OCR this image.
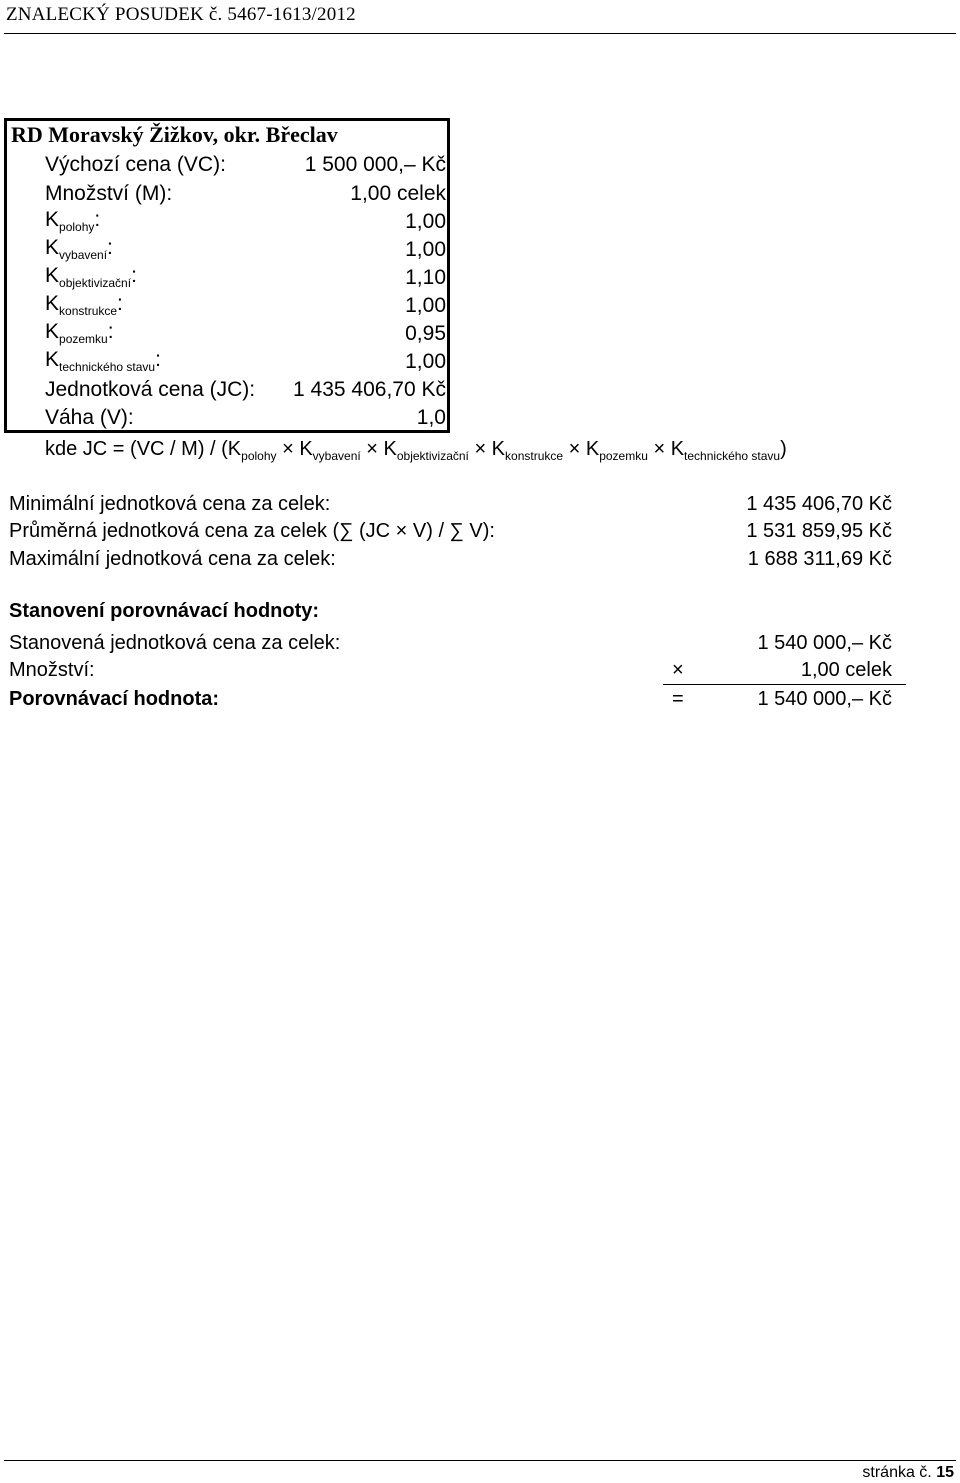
ZNALECKÝ POSUDEK č. 5467-1613/2012
RD Moravský Žižkov, okr. Břeclav
Výchozí cena (VC):	1 500 000,– Kč
Množství (M):	1,00 celek
$K_{polohy}$:	1,00
$K_{vybavení}$:	1,00
$K_{objektivizační}$:	1,10
$K_{konstrukce}$:	1,00
$K_{pozemku}$:	0,95
$K_{technického stavu}$:	1,00
Jednotková cena (JC): 1 435 406,70 Kč
Váha (V):	1,0
kde JC = $(VC / M) / (K_{polohy} \times K_{vybavení} \times K_{objektivizační} \times K_{konstrukce} \times K_{pozemku} \times K_{technického stavu})$
Minimální jednotková cena za celek:	1 435 406,70 Kč
Průměrná jednotková cena za celek (∑ (JC × V) / ∑ V):	1 531 859,95 Kč
Maximální jednotková cena za celek:	1 688 311,69 Kč
Stanovení porovnávací hodnoty:
Stanovená jednotková cena za celek:	1 540 000,– Kč
Množství:	×	1,00 celek
Porovnávací hodnota:	=	1 540 000,– Kč
stránka č. 15
